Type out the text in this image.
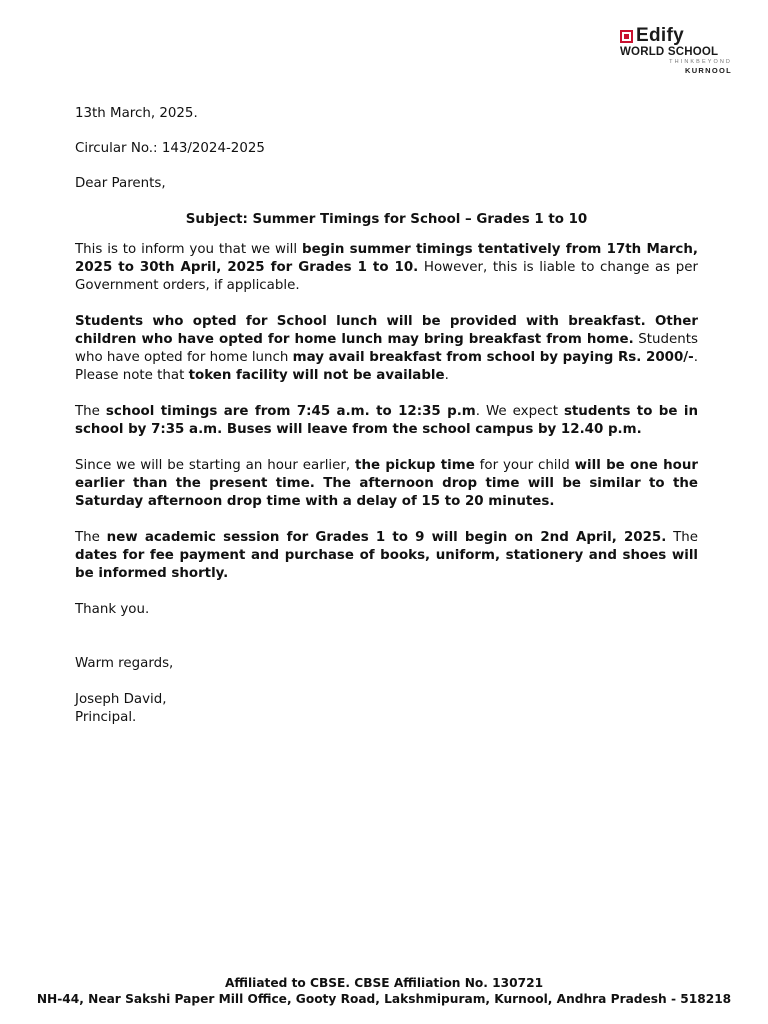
Edify
WORLD SCHOOL
THINKBEYOND
KURNOOL

13th March, 2025.

Circular No.: 143/2024-2025

Dear Parents,

Subject: Summer Timings for School – Grades 1 to 10

This is to inform you that we will begin summer timings tentatively from 17th March, 2025 to 30th April, 2025 for Grades 1 to 10. However, this is liable to change as per Government orders, if applicable.

Students who opted for School lunch will be provided with breakfast. Other children who have opted for home lunch may bring breakfast from home. Students who have opted for home lunch may avail breakfast from school by paying Rs. 2000/-. Please note that token facility will not be available.

The school timings are from 7:45 a.m. to 12:35 p.m. We expect students to be in school by 7:35 a.m. Buses will leave from the school campus by 12.40 p.m.

Since we will be starting an hour earlier, the pickup time for your child will be one hour earlier than the present time. The afternoon drop time will be similar to the Saturday afternoon drop time with a delay of 15 to 20 minutes.

The new academic session for Grades 1 to 9 will begin on 2nd April, 2025. The dates for fee payment and purchase of books, uniform, stationery and shoes will be informed shortly.

Thank you.

Warm regards,

Joseph David,

Principal.

Affiliated to CBSE. CBSE Affiliation No. 130721
NH-44, Near Sakshi Paper Mill Office, Gooty Road, Lakshmipuram, Kurnool, Andhra Pradesh - 518218
